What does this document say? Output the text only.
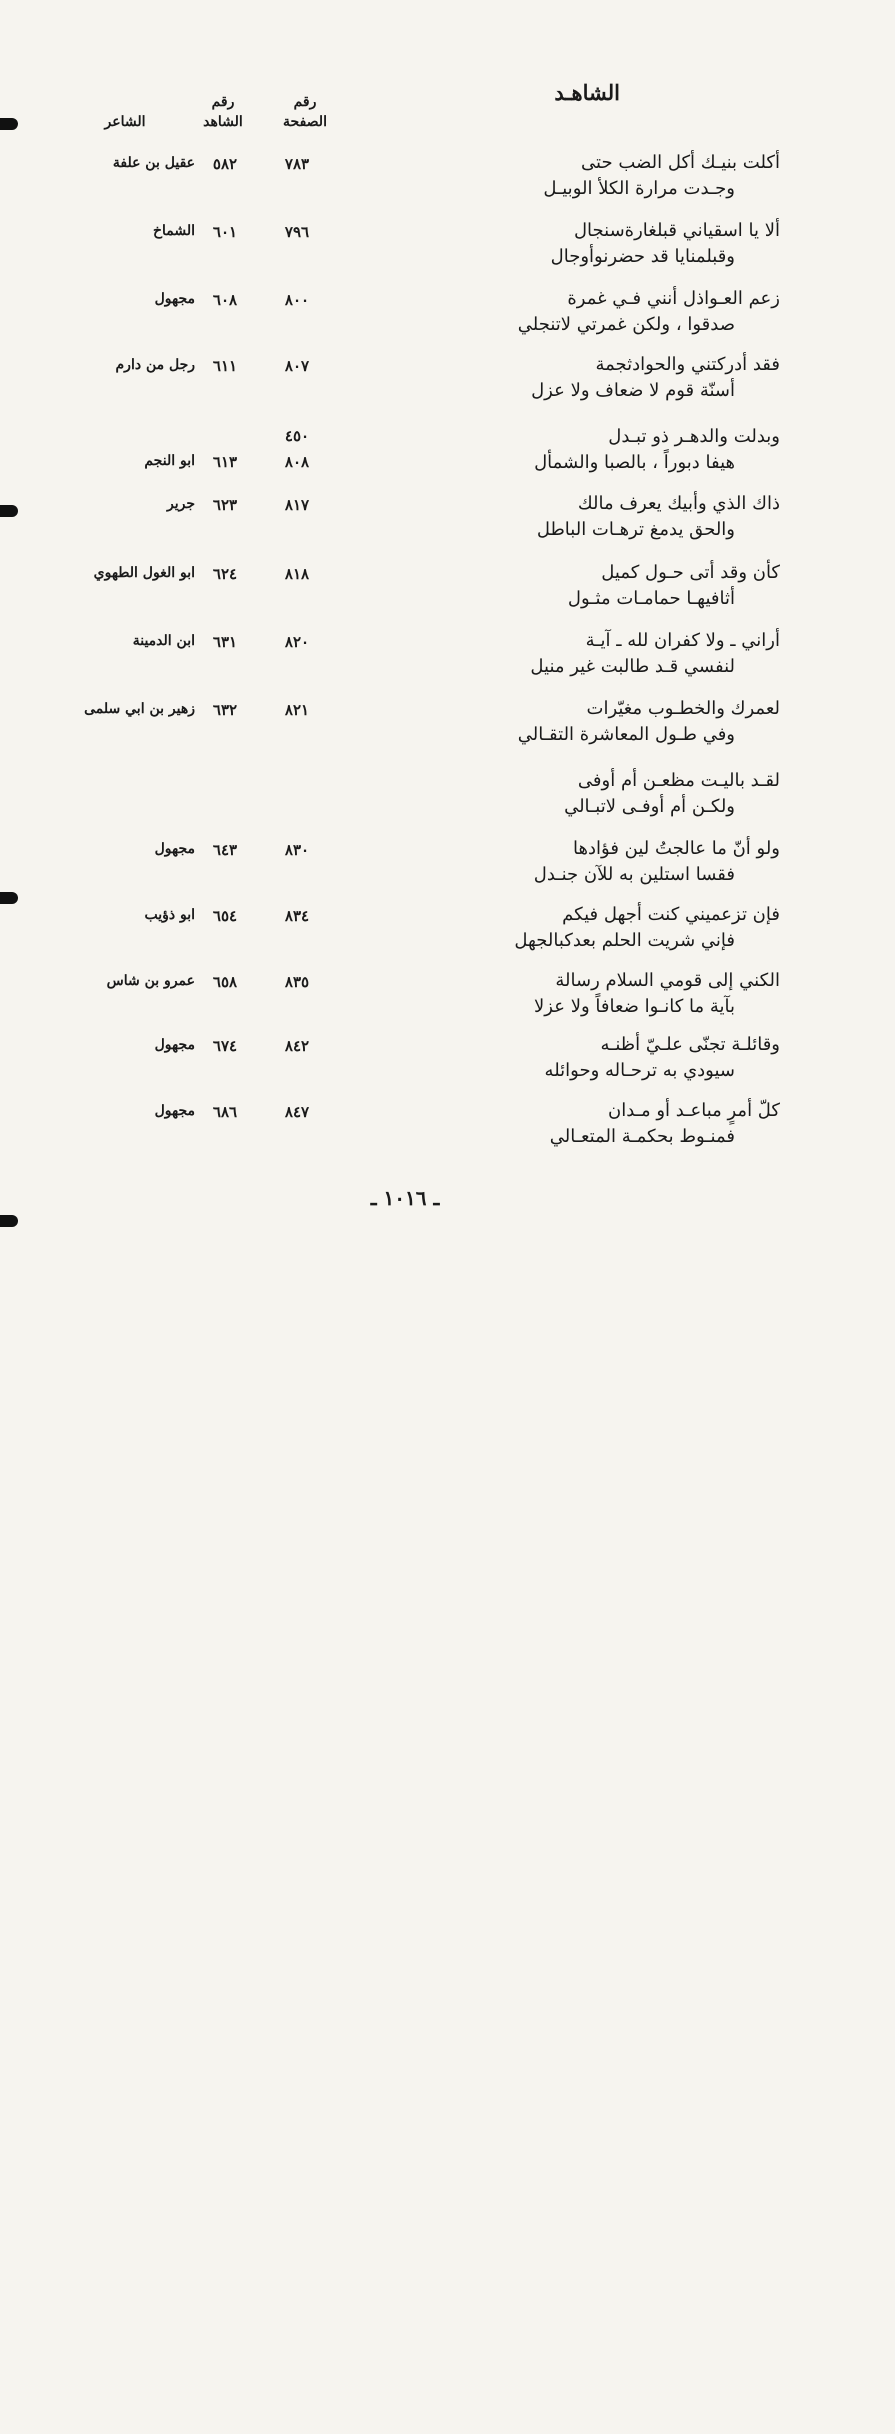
الشاهـد
رقم الصفحة
رقم الشاهد
الشاعر
أكلت بنيـك أكل الضب حتى
وجـدت مرارة الكلأ الوبيـل
٧٨٣
٥٨٢
عقيل بن علفة
ألا يا اسقياني قبلغارةسنجال
وقبلمنايا قد حضرنوأوجال
٧٩٦
٦٠١
الشماخ
زعم العـواذل أنني فـي غمرة
صدقوا ، ولكن غمرتي لاتنجلي
٨٠٠
٦٠٨
مجهول
فقد أدركتني والحوادثجمة
أسنّة قوم لا ضعاف ولا عزل
٨٠٧
٦١١
رجل من دارم
وبدلت والدهـر ذو تبـدل
هيفا دبوراً ، بالصبا والشمأل
٤٥٠
٨٠٨
٦١٣
ابو النجم
ذاك الذي وأبيك يعرف مالك
والحق يدمغ ترهـات الباطل
٨١٧
٦٢٣
جرير
كأن وقد أتى حـول كميل
أثافيهـا حمامـات مثـول
٨١٨
٦٢٤
ابو الغول الطهوي
أراني ـ ولا كفران لله ـ آيـة
لنفسي قـد طالبت غير منيل
٨٢٠
٦٣١
ابن الدمينة
لعمرك والخطـوب مغيّرات
وفي طـول المعاشرة التقـالي
٨٢١
٦٣٢
زهير بن ابي سلمى
لقـد باليـت مظعـن أم أوفى
ولكـن أم أوفـى لاتبـالي
ولو أنّ ما عالجتُ لين فؤادها
فقسا استلين به للآن جنـدل
٨٣٠
٦٤٣
مجهول
فإن تزعميني كنت أجهل فيكم
فإني شريت الحلم بعدكبالجهل
٨٣٤
٦٥٤
ابو ذؤيب
الكني إلى قومي السلام رسالة
بآية ما كانـوا ضعافاً ولا عزلا
٨٣٥
٦٥٨
عمرو بن شاس
وقائلـة تجنّى علـيّ أظنـه
سيودي به ترحـاله وحوائله
٨٤٢
٦٧٤
مجهول
كلّ أمرٍ مباعـد أو مـدان
فمنـوط بحكمـة المتعـالي
٨٤٧
٦٨٦
مجهول
ـ ١٠١٦ ـ
